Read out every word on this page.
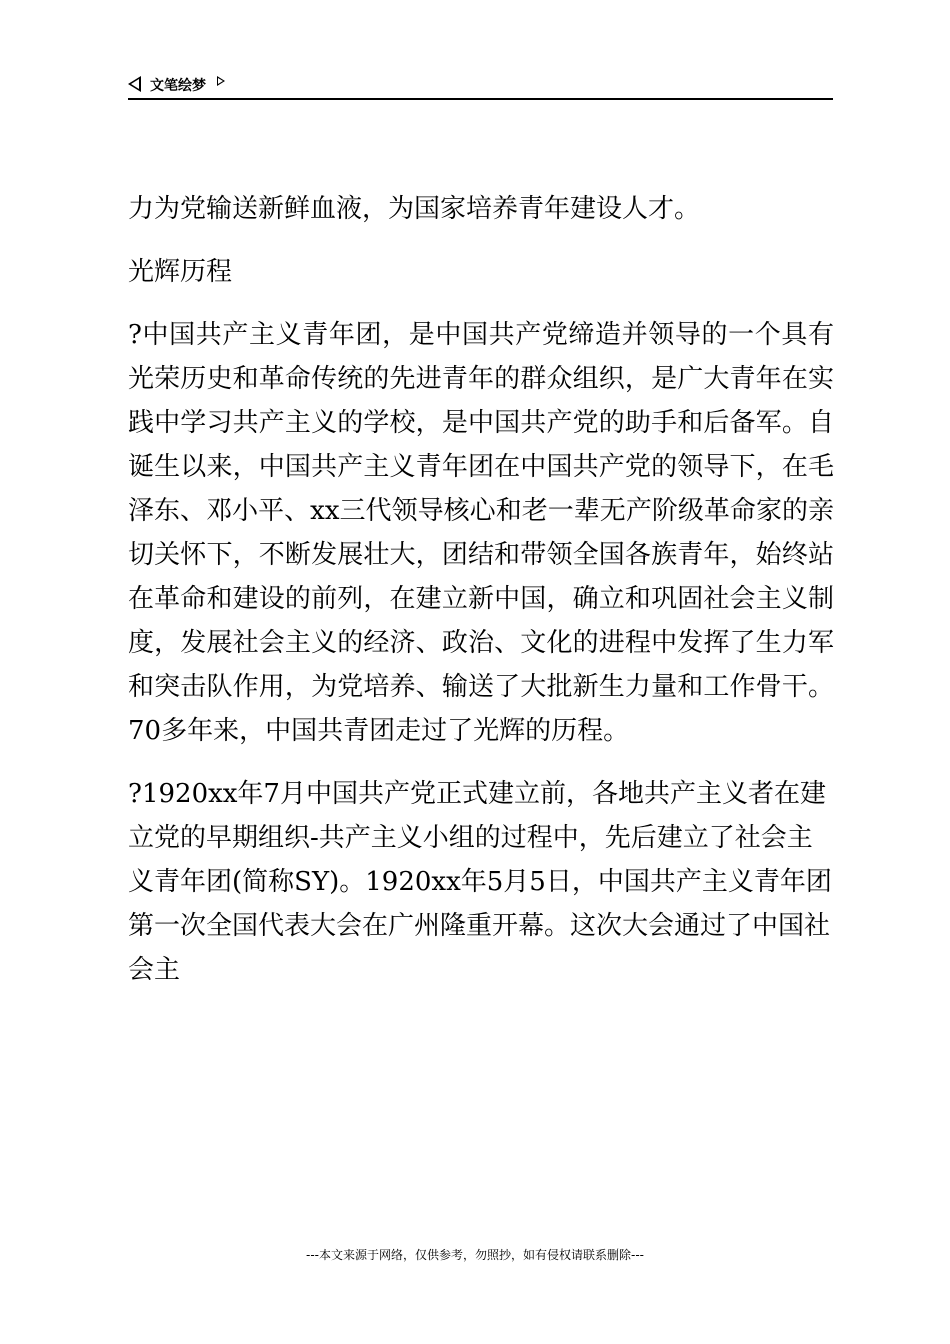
文笔绘梦

力为党输送新鲜血液，为国家培养青年建设人才。

光辉历程

?中国共产主义青年团，是中国共产党缔造并领导的一个具有光荣历史和革命传统的先进青年的群众组织，是广大青年在实践中学习共产主义的学校，是中国共产党的助手和后备军。自诞生以来，中国共产主义青年团在中国共产党的领导下，在毛泽东、邓小平、xx三代领导核心和老一辈无产阶级革命家的亲切关怀下，不断发展壮大，团结和带领全国各族青年，始终站在革命和建设的前列，在建立新中国，确立和巩固社会主义制度，发展社会主义的经济、政治、文化的进程中发挥了生力军和突击队作用，为党培养、输送了大批新生力量和工作骨干。70多年来，中国共青团走过了光辉的历程。

?1920xx年7月中国共产党正式建立前，各地共产主义者在建立党的早期组织-共产主义小组的过程中，先后建立了社会主义青年团(简称SY)。1920xx年5月5日，中国共产主义青年团第一次全国代表大会在广州隆重开幕。这次大会通过了中国社会主

---本文来源于网络，仅供参考，勿照抄，如有侵权请联系删除---
